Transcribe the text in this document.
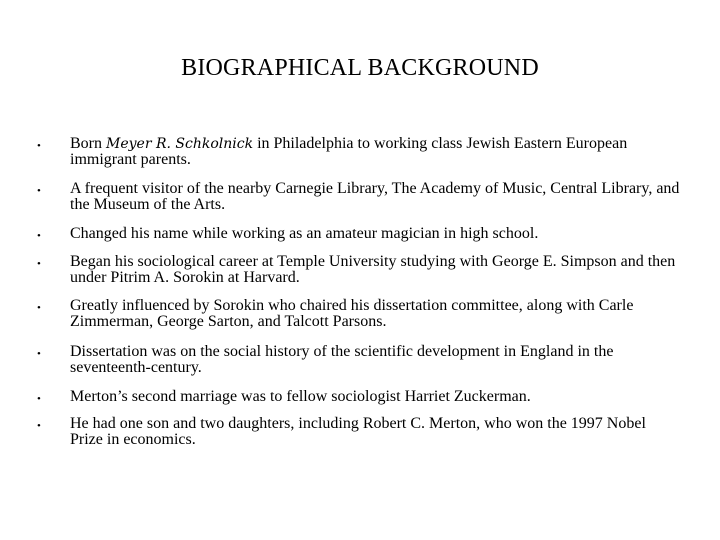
BIOGRAPHICAL BACKGROUND
• Born Meyer R. Schkolnick in Philadelphia to working class Jewish Eastern European immigrant parents.
• A frequent visitor of the nearby Carnegie Library, The Academy of Music, Central Library, and the Museum of the Arts.
• Changed his name while working as an amateur magician in high school.
• Began his sociological career at Temple University studying with George E. Simpson and then under Pitrim A. Sorokin at Harvard.
• Greatly influenced by Sorokin who chaired his dissertation committee, along with Carle Zimmerman, George Sarton, and Talcott Parsons.
• Dissertation was on the social history of the scientific development in England in the seventeenth-century.
• Merton’s second marriage was to fellow sociologist Harriet Zuckerman.
• He had one son and two daughters, including Robert C. Merton, who won the 1997 Nobel Prize in economics.
